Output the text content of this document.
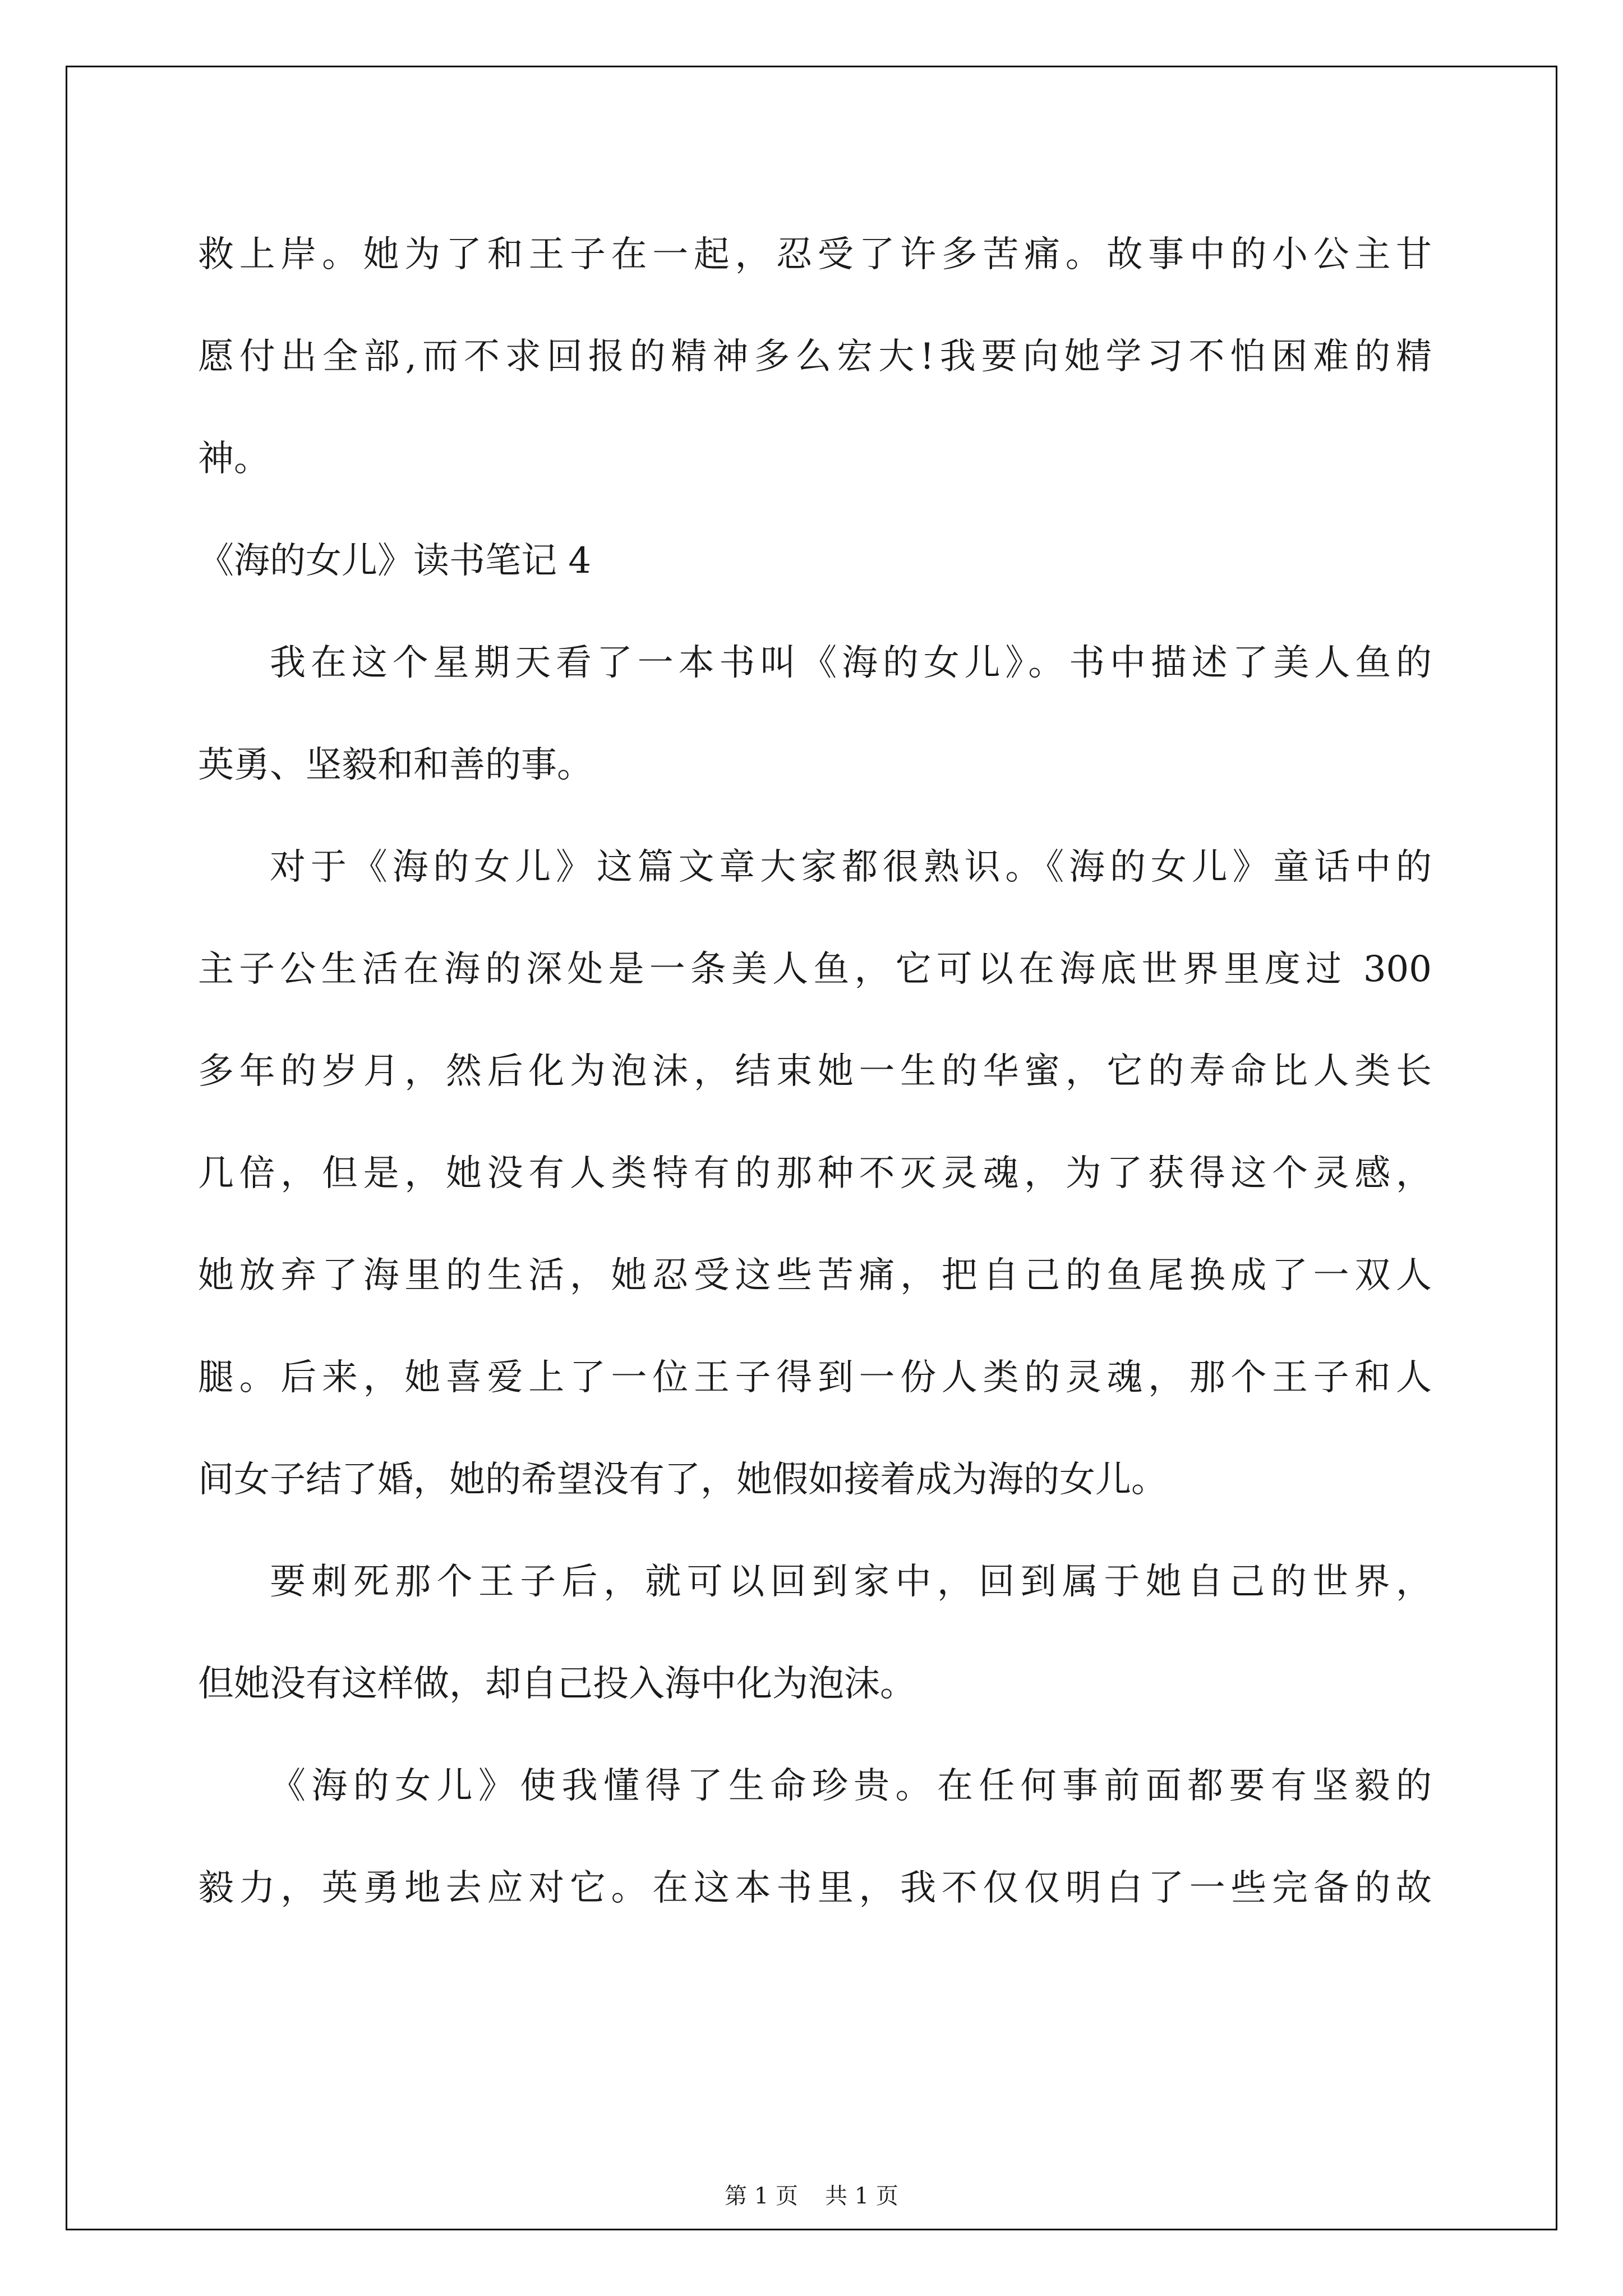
救上岸。她为了和王子在一起，忍受了许多苦痛。故事中的小公主甘
愿付出全部,而不求回报的精神多么宏大!我要向她学习不怕困难的精
神。
《海的女儿》读书笔记 4
我在这个星期天看了一本书叫《海的女儿》。书中描述了美人鱼的
英勇、坚毅和和善的事。
对于《海的女儿》这篇文章大家都很熟识。《海的女儿》童话中的
主子公生活在海的深处是一条美人鱼，它可以在海底世界里度过 300
多年的岁月，然后化为泡沫，结束她一生的华蜜，它的寿命比人类长
几倍，但是，她没有人类特有的那种不灭灵魂，为了获得这个灵感，
她放弃了海里的生活，她忍受这些苦痛，把自己的鱼尾换成了一双人
腿。后来，她喜爱上了一位王子得到一份人类的灵魂，那个王子和人
间女子结了婚，她的希望没有了，她假如接着成为海的女儿。
要刺死那个王子后，就可以回到家中，回到属于她自己的世界，
但她没有这样做，却自己投入海中化为泡沫。
《海的女儿》使我懂得了生命珍贵。在任何事前面都要有坚毅的
毅力，英勇地去应对它。在这本书里，我不仅仅明白了一些完备的故
第 1 页 共 1 页
